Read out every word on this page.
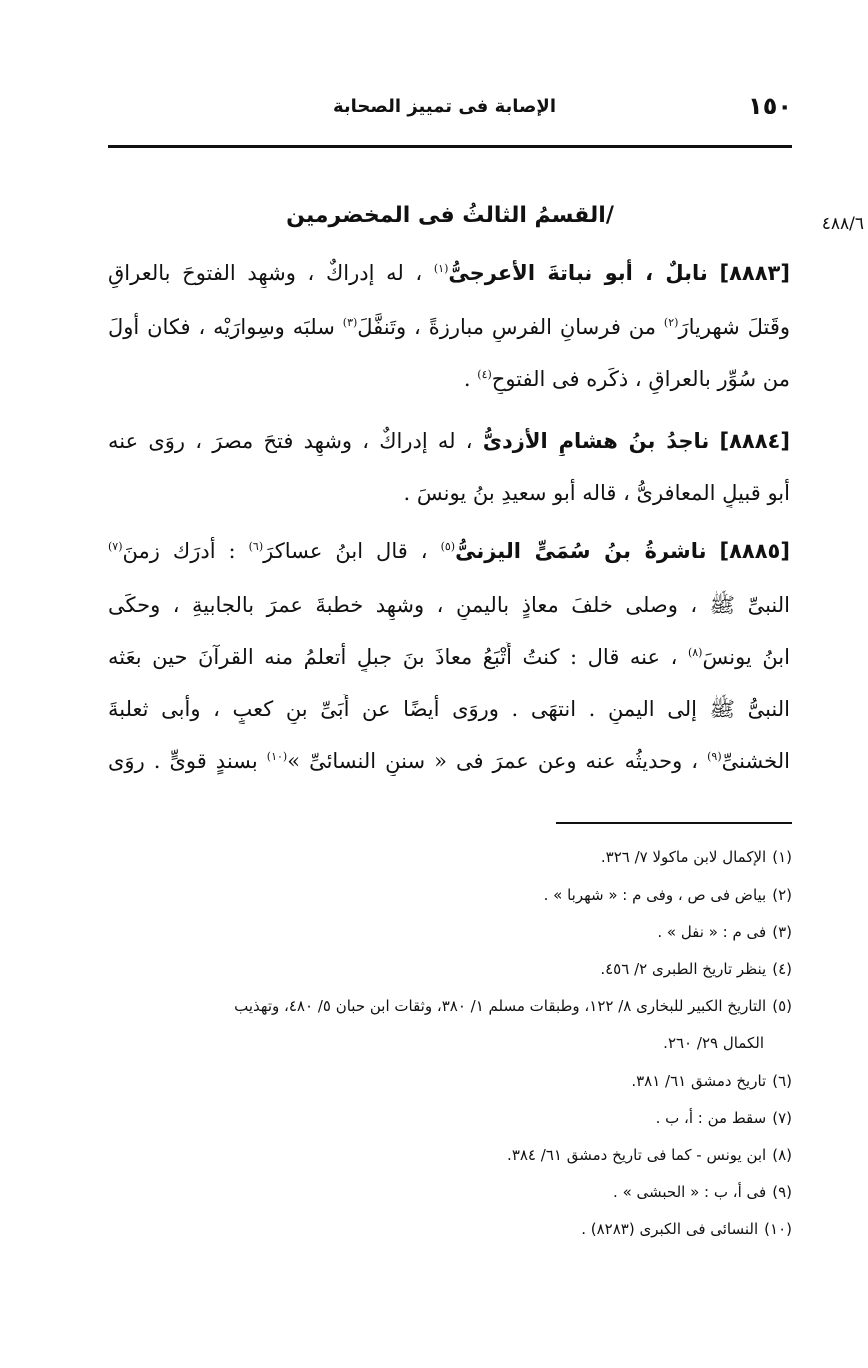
الإصابة فى تمييز الصحابة	١٥٠
٤٨٨/٦
/القسمُ الثالثُ فى المخضرمين
[٨٨٨٣] نابلٌ ، أبو نباتةَ الأعرجىُّ$^{(١)}$ ، له إدراكٌ ، وشهِد الفتوحَ بالعراقِ
وقَتلَ شهريارَ$^{(٢)}$ من فرسانِ الفرسِ مبارزةً ، وتَنفَّلَ$^{(٣)}$ سلبَه وسِوارَيْه ، فكان أولَ
من سُوِّر بالعراقِ ، ذكَره فى الفتوحِ$^{(٤)}$ .
[٨٨٨٤] ناجدُ بنُ هشامٍ الأزدىُّ ، له إدراكٌ ، وشهِد فتحَ مصرَ ، روَى عنه
أبو قبيلٍ المعافرىُّ ، قاله أبو سعيدِ بنُ يونسَ .
[٨٨٨٥] ناشرةُ بنُ سُمَىٍّ اليزنىُّ$^{(٥)}$ ، قال ابنُ عساكرَ$^{(٦)}$ : أدرَك زمنَ$^{(٧)}$
النبىِّ ﷺ ، وصلى خلفَ معاذٍ باليمنِ ، وشهِد خطبةَ عمرَ بالجابيةِ ، وحكَى
ابنُ يونسَ$^{(٨)}$ ، عنه قال : كنتُ أَتْبَعُ معاذَ بنَ جبلٍ أتعلمُ منه القرآنَ حين بعَثه
النبىُّ ﷺ إلى اليمنِ . انتهَى . وروَى أيضًا عن أُبَىِّ بنِ كعبٍ ، وأبى ثعلبةَ
الخشنىِّ$^{(٩)}$ ، وحديثُه عنه وعن عمرَ فى « سننِ النسائىِّ »$^{(١٠)}$ بسندٍ قوىٍّ . روَى
(١)الإكمال لابن ماكولا ٧/ ٣٢٦.
(٢)بياض فى ص ، وفى م : « شهربا » .
(٣)فى م : « نفل » .
(٤)ينظر تاريخ الطبرى ٢/ ٤٥٦.
(٥)التاريخ الكبير للبخارى ٨/ ١٢٢، وطبقات مسلم ١/ ٣٨٠، وثقات ابن حبان ٥/ ٤٨٠، وتهذيب
الكمال ٢٩/ ٢٦٠.
(٦)تاريخ دمشق ٦١/ ٣٨١.
(٧)سقط من : أ، ب .
(٨)ابن يونس - كما فى تاريخ دمشق ٦١/ ٣٨٤.
(٩)فى أ، ب : « الحبشى » .
(١٠)النسائى فى الكبرى (٨٢٨٣) .
